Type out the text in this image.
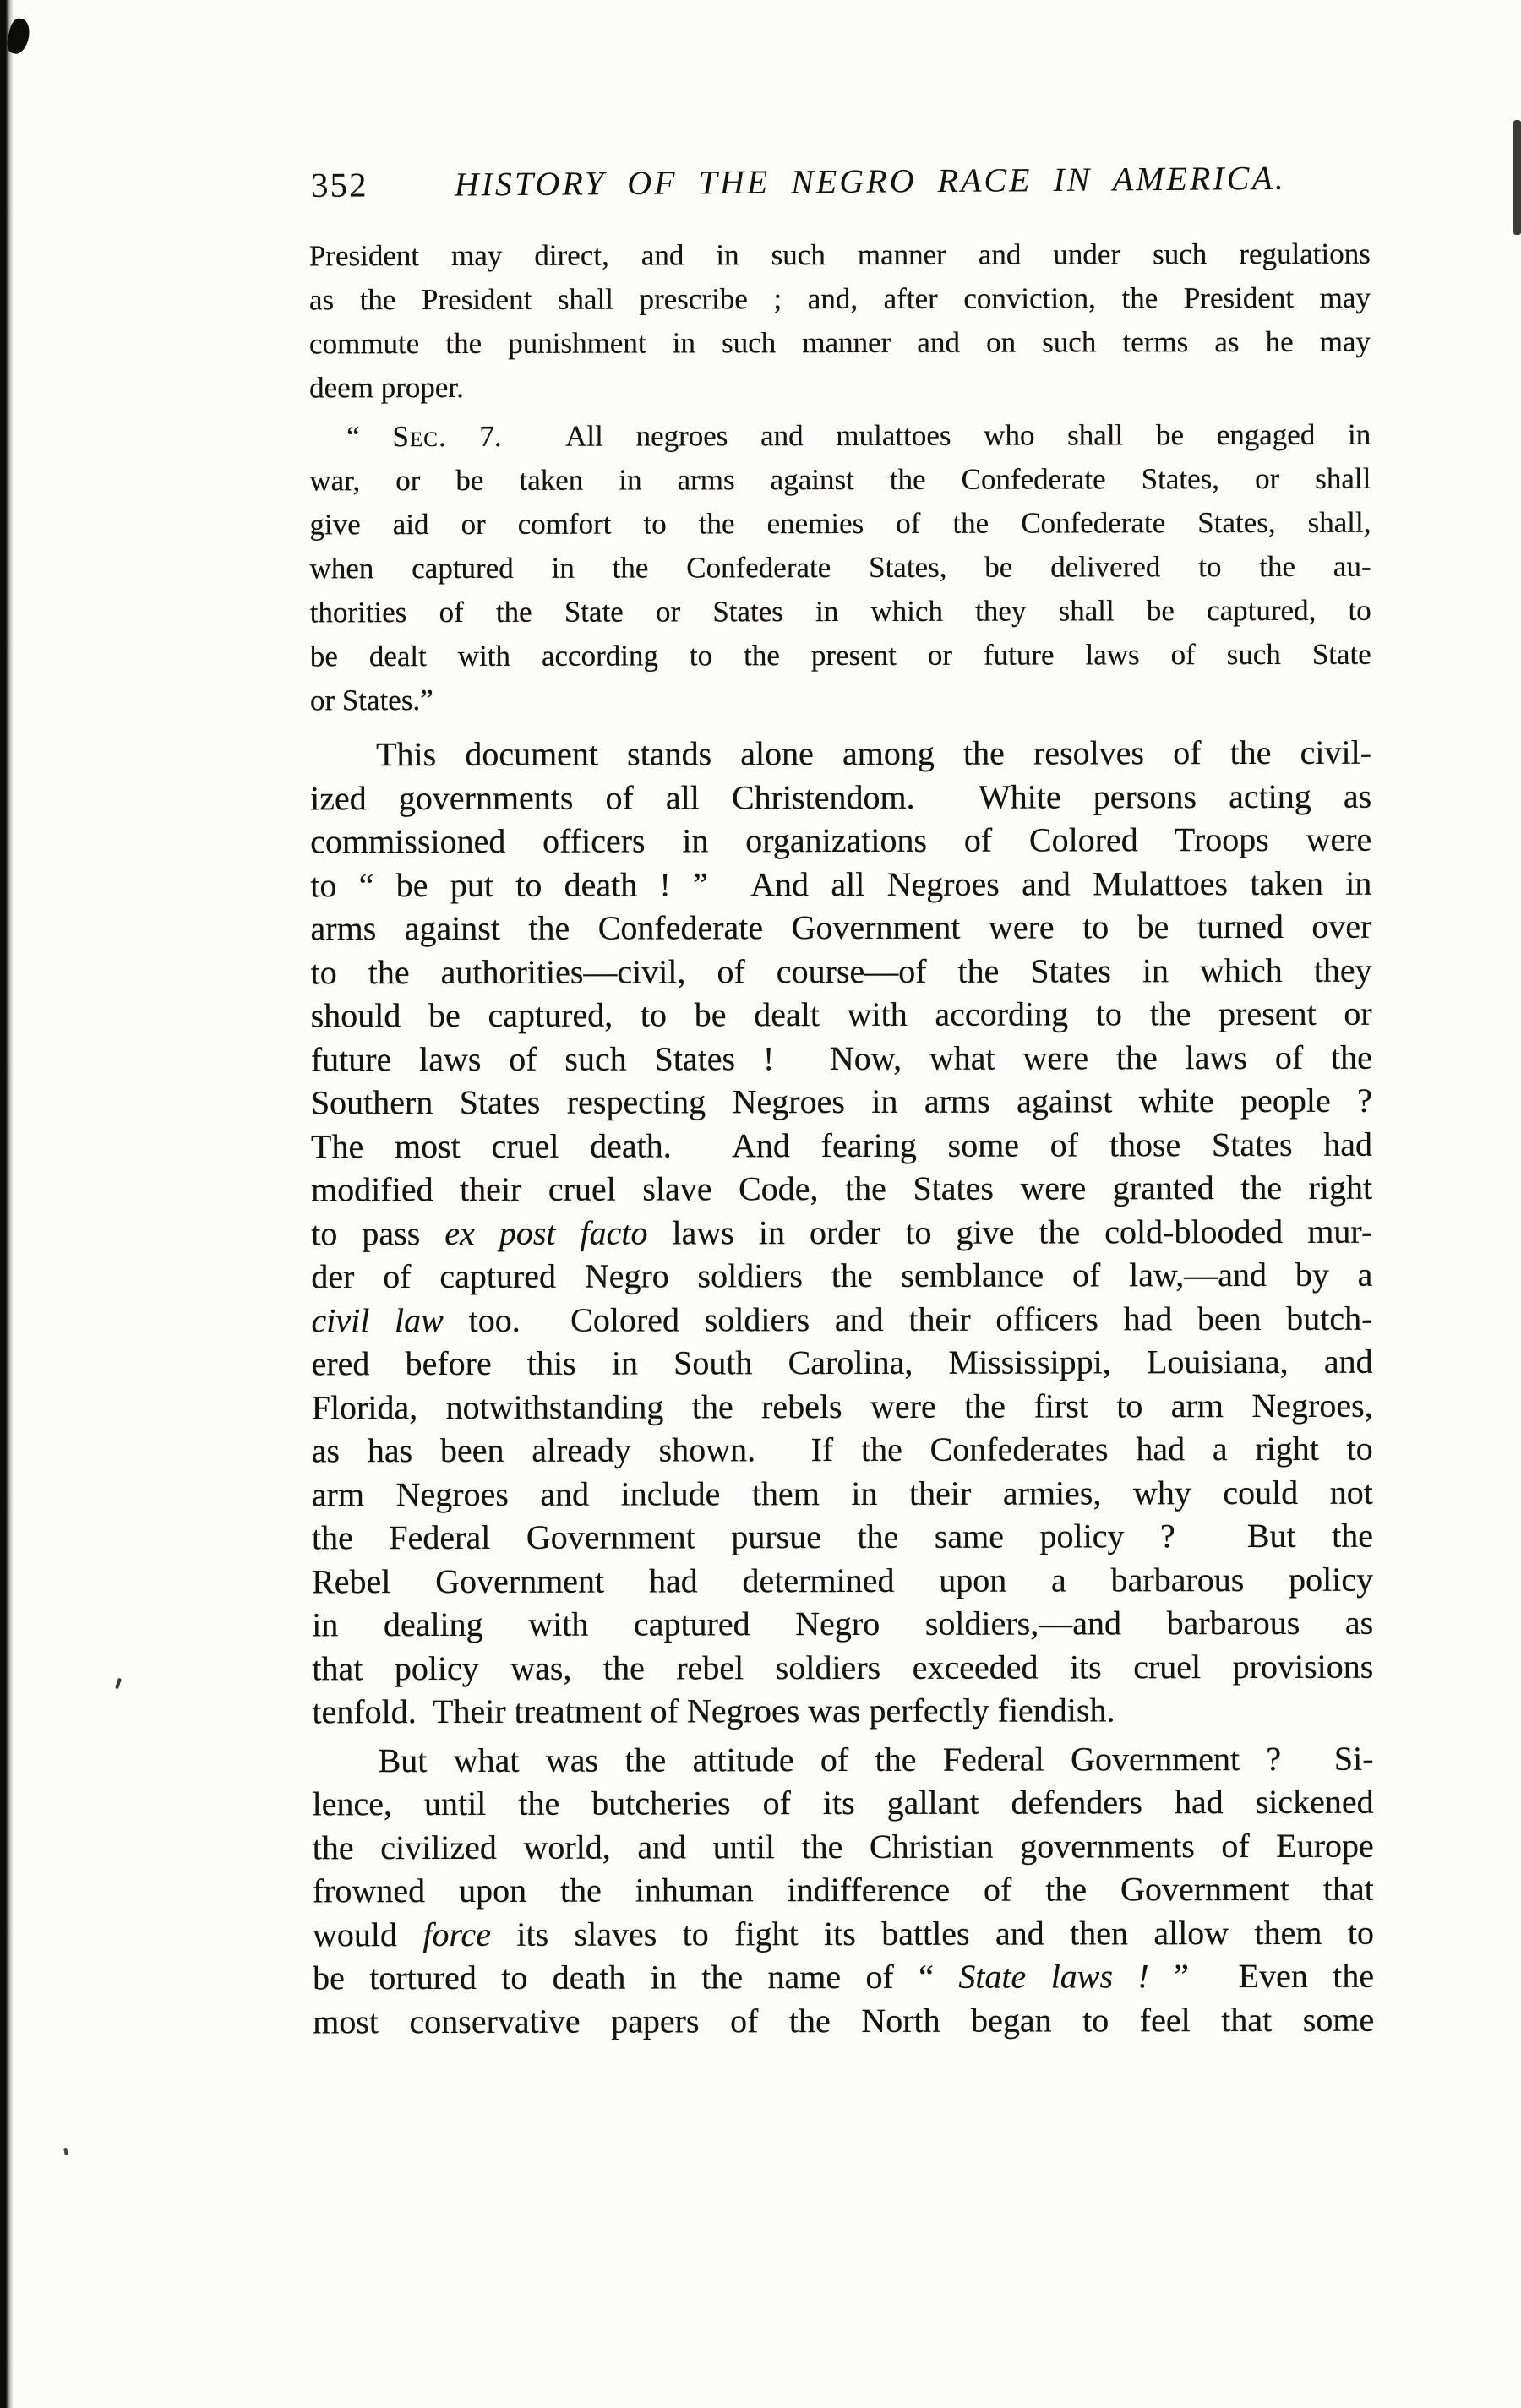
352	HISTORY OF THE NEGRO RACE IN AMERICA.
President may direct, and in such manner and under such regulations
as the President shall prescribe ; and, after conviction, the President may
commute the punishment in such manner and on such terms as he may
deem proper.
“ Sec. 7.  All negroes and mulattoes who shall be engaged in
war, or be taken in arms against the Confederate States, or shall
give aid or comfort to the enemies of the Confederate States, shall,
when captured in the Confederate States, be delivered to the au-
thorities of the State or States in which they shall be captured, to
be dealt with according to the present or future laws of such State
or States.”
This document stands alone among the resolves of the civil-
ized governments of all Christendom.  White persons acting as
commissioned officers in organizations of Colored Troops were
to “ be put to death ! ”  And all Negroes and Mulattoes taken in
arms against the Confederate Government were to be turned over
to the authorities—civil, of course—of the States in which they
should be captured, to be dealt with according to the present or
future laws of such States !  Now, what were the laws of the
Southern States respecting Negroes in arms against white people ?
The most cruel death.  And fearing some of those States had
modified their cruel slave Code, the States were granted the right
to pass ex post facto laws in order to give the cold-blooded mur-
der of captured Negro soldiers the semblance of law,—and by a
civil law too.  Colored soldiers and their officers had been butch-
ered before this in South Carolina, Mississippi, Louisiana, and
Florida, notwithstanding the rebels were the first to arm Negroes,
as has been already shown.  If the Confederates had a right to
arm Negroes and include them in their armies, why could not
the Federal Government pursue the same policy ?  But the
Rebel Government had determined upon a barbarous policy
in dealing with captured Negro soldiers,—and barbarous as
that policy was, the rebel soldiers exceeded its cruel provisions
tenfold.  Their treatment of Negroes was perfectly fiendish.
But what was the attitude of the Federal Government ?  Si-
lence, until the butcheries of its gallant defenders had sickened
the civilized world, and until the Christian governments of Europe
frowned upon the inhuman indifference of the Government that
would force its slaves to fight its battles and then allow them to
be tortured to death in the name of “ State laws ! ”  Even the
most conservative papers of the North began to feel that some
